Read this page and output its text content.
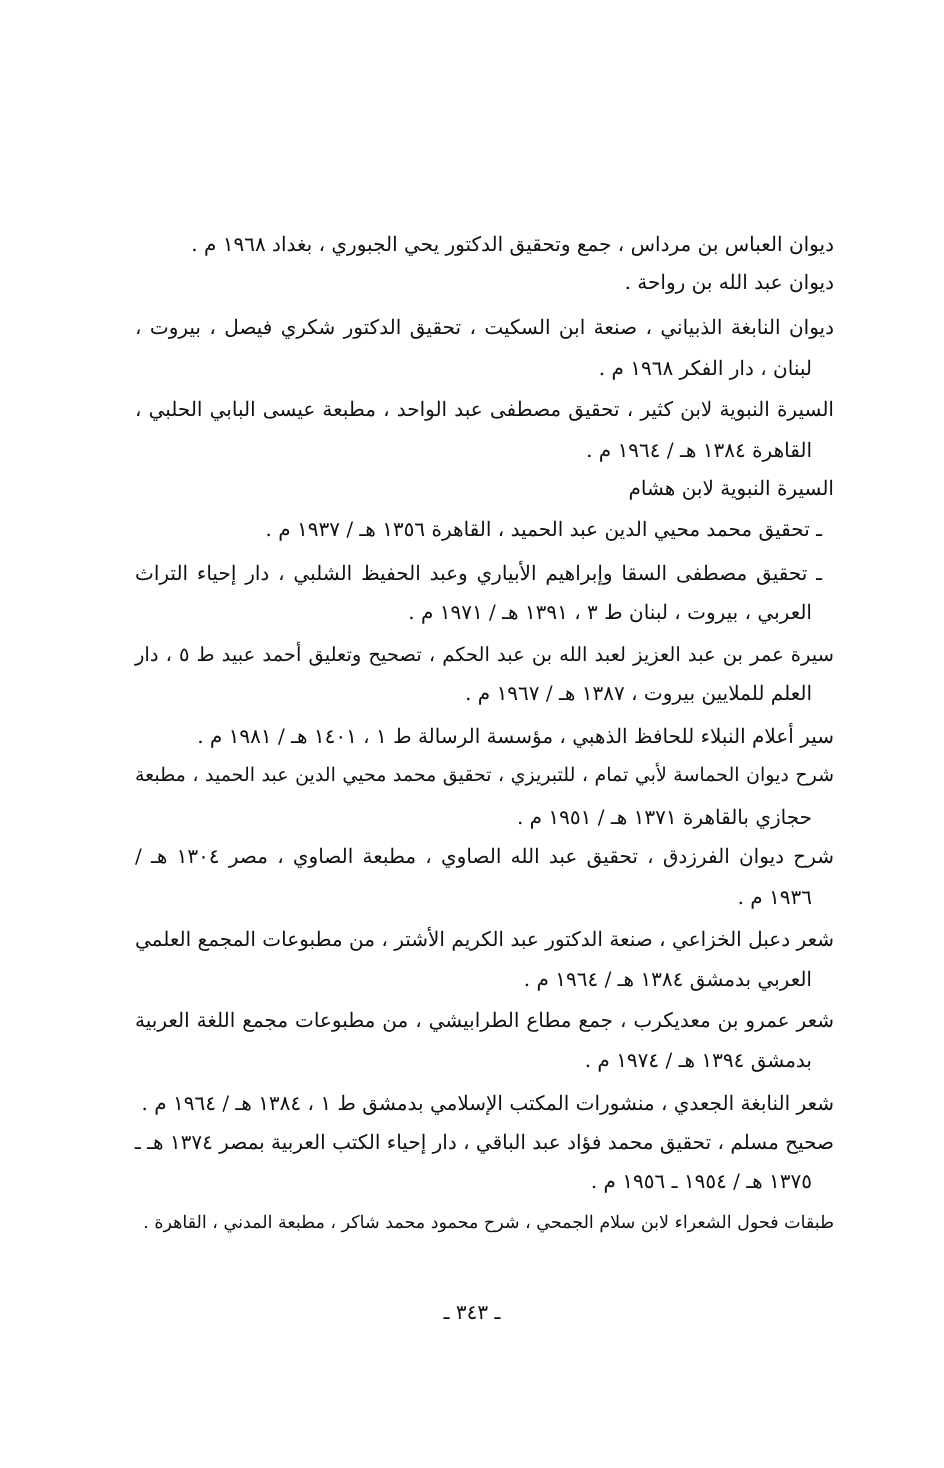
ديوان العباس بن مرداس ، جمع وتحقيق الدكتور يحي الجبوري ، بغداد ١٩٦٨ م .
ديوان عبد الله بن رواحة .
ديوان النابغة الذبياني ، صنعة ابن السكيت ، تحقيق الدكتور شكري فيصل ، بيروت ،
لبنان ، دار الفكر ١٩٦٨ م .
السيرة النبوية لابن كثير ، تحقيق مصطفى عبد الواحد ، مطبعة عيسى البابي الحلبي ،
القاهرة ١٣٨٤ هـ / ١٩٦٤ م .
السيرة النبوية لابن هشام
ـ تحقيق محمد محيي الدين عبد الحميد ، القاهرة ١٣٥٦ هـ / ١٩٣٧ م .
ـ تحقيق مصطفى السقا وإبراهيم الأبياري وعبد الحفيظ الشلبي ، دار إحياء التراث
العربي ، بيروت ، لبنان ط ٣ ، ١٣٩١ هـ / ١٩٧١ م .
سيرة عمر بن عبد العزيز لعبد الله بن عبد الحكم ، تصحيح وتعليق أحمد عبيد ط ٥ ، دار
العلم للملايين بيروت ، ١٣٨٧ هـ / ١٩٦٧ م .
سير أعلام النبلاء للحافظ الذهبي ، مؤسسة الرسالة ط ١ ، ١٤٠١ هـ / ١٩٨١ م .
شرح ديوان الحماسة لأبي تمام ، للتبريزي ، تحقيق محمد محيي الدين عبد الحميد ، مطبعة
حجازي بالقاهرة ١٣٧١ هـ / ١٩٥١ م .
شرح ديوان الفرزدق ، تحقيق عبد الله الصاوي ، مطبعة الصاوي ، مصر ١٣٠٤ هـ /
١٩٣٦ م .
شعر دعبل الخزاعي ، صنعة الدكتور عبد الكريم الأشتر ، من مطبوعات المجمع العلمي
العربي بدمشق ١٣٨٤ هـ / ١٩٦٤ م .
شعر عمرو بن معديكرب ، جمع مطاع الطرابيشي ، من مطبوعات مجمع اللغة العربية
بدمشق ١٣٩٤ هـ / ١٩٧٤ م .
شعر النابغة الجعدي ، منشورات المكتب الإسلامي بدمشق ط ١ ، ١٣٨٤ هـ / ١٩٦٤ م .
صحيح مسلم ، تحقيق محمد فؤاد عبد الباقي ، دار إحياء الكتب العربية بمصر ١٣٧٤ هـ ـ
١٣٧٥ هـ / ١٩٥٤ ـ ١٩٥٦ م .
طبقات فحول الشعراء لابن سلام الجمحي ، شرح محمود محمد شاكر ، مطبعة المدني ، القاهرة .
ـ ٣٤٣ ـ
